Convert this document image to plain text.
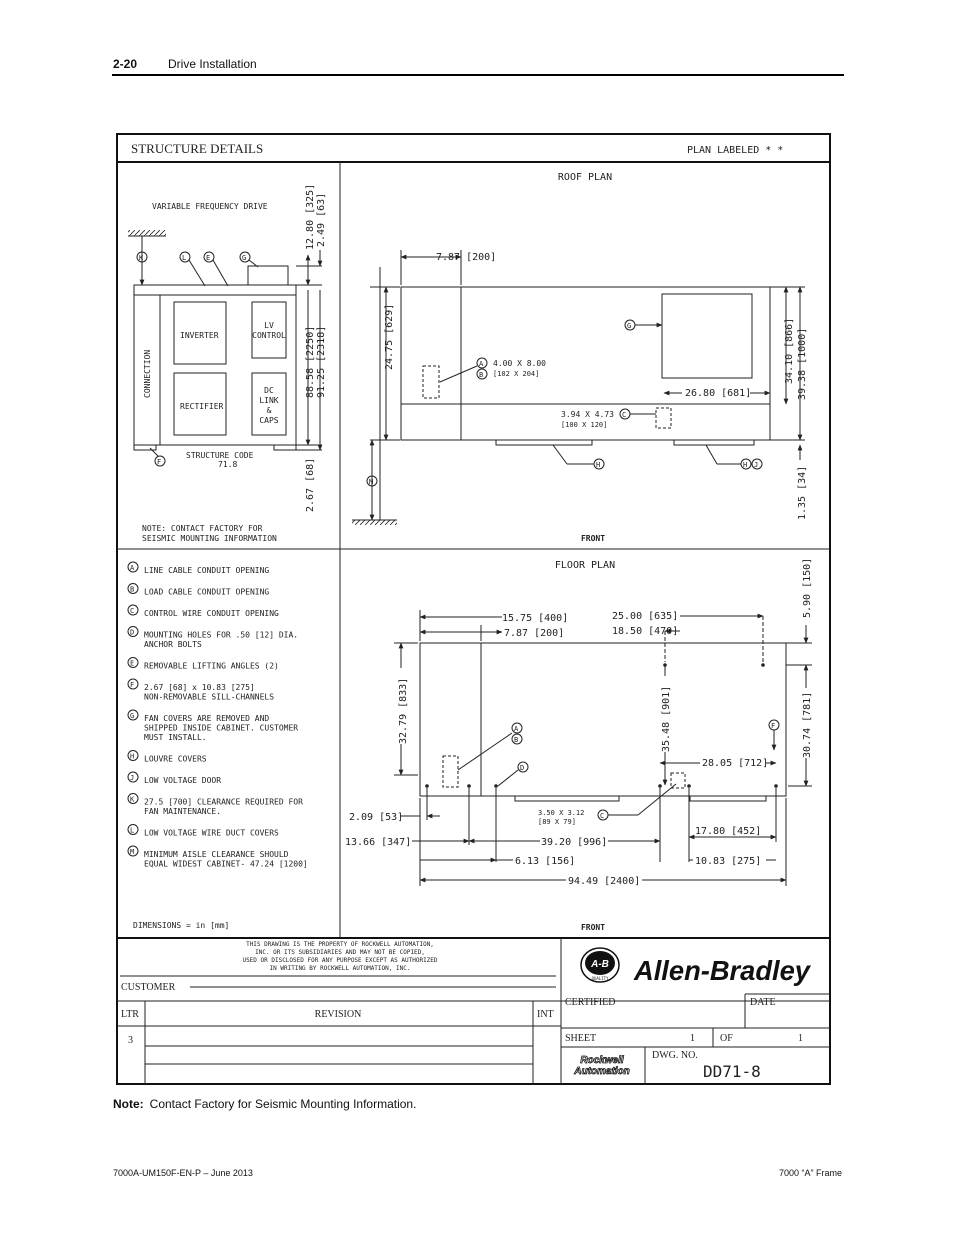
2-20	Drive Installation
STRUCTURE DETAILS	PLAN LABELED * *
VARIABLE FREQUENCY DRIVE
K	L	E	G
INVERTER
RECTIFIER
CONNECTION
LV
CONTROL
DC
LINK
&
CAPS
F
STRUCTURE CODE
71.8
12.80 [325] 2.49 [63]
88.58 [2250] 91.25 [2318]
2.67 [68]
NOTE: CONTACT FACTORY FOR
SEISMIC MOUNTING INFORMATION
ROOF PLAN
7.87 [200]
24.75 [629]	A
B
4.00 X 8.00
[102 X 204]
G
26.80 [681]
C
3.94 X 4.73
[100 X 120]
34.10 [866] 39.38 [1000]
1.35 [34]
H	H J
M
FRONT
A LINE CABLE CONDUIT OPENING
B LOAD CABLE CONDUIT OPENING
C CONTROL WIRE CONDUIT OPENING
D MOUNTING HOLES FOR .50 [12] DIA.
ANCHOR BOLTS
E REMOVABLE LIFTING ANGLES (2)
F 2.67 [68] x 10.83 [275]
NON-REMOVABLE SILL-CHANNELS
G FAN COVERS ARE REMOVED AND
SHIPPED INSIDE CABINET. CUSTOMER
MUST INSTALL.
H LOUVRE COVERS
J LOW VOLTAGE DOOR
K 27.5 [700] CLEARANCE REQUIRED FOR
FAN MAINTENANCE.
L LOW VOLTAGE WIRE DUCT COVERS
M MINIMUM AISLE CLEARANCE SHOULD
EQUAL WIDEST CABINET- 47.24 [1200]
DIMENSIONS = in [mm]
FLOOR PLAN
15.75 [400]
7.87 [200]
25.00 [635]
18.50 [470]
5.90 [150]
32.79 [833]	35.48 [901]	30.74 [781]
F
A
B
D	28.05 [712]
2.09 [53]	3.50 X 3.12
[89 X 79]
C
13.66 [347]	39.20 [996]
17.80 [452]
6.13 [156]	10.83 [275]
94.49 [2400]
FRONT
THIS DRAWING IS THE PROPERTY OF ROCKWELL AUTOMATION,
INC. OR ITS SUBSIDIARIES AND MAY NOT BE COPIED,
USED OR DISCLOSED FOR ANY PURPOSE EXCEPT AS AUTHORIZED
IN WRITING BY ROCKWELL AUTOMATION, INC.
CUSTOMER
LTR	REVISION	INT
3
A-B
QUALITY Allen-Bradley
CERTIFIED	DATE
SHEET	1	OF	1
Rockwell
Automation
DWG. NO.
DD71-8
Note: Contact Factory for Seismic Mounting Information.
7000A-UM150F-EN-P – June 2013	7000 “A” Frame
